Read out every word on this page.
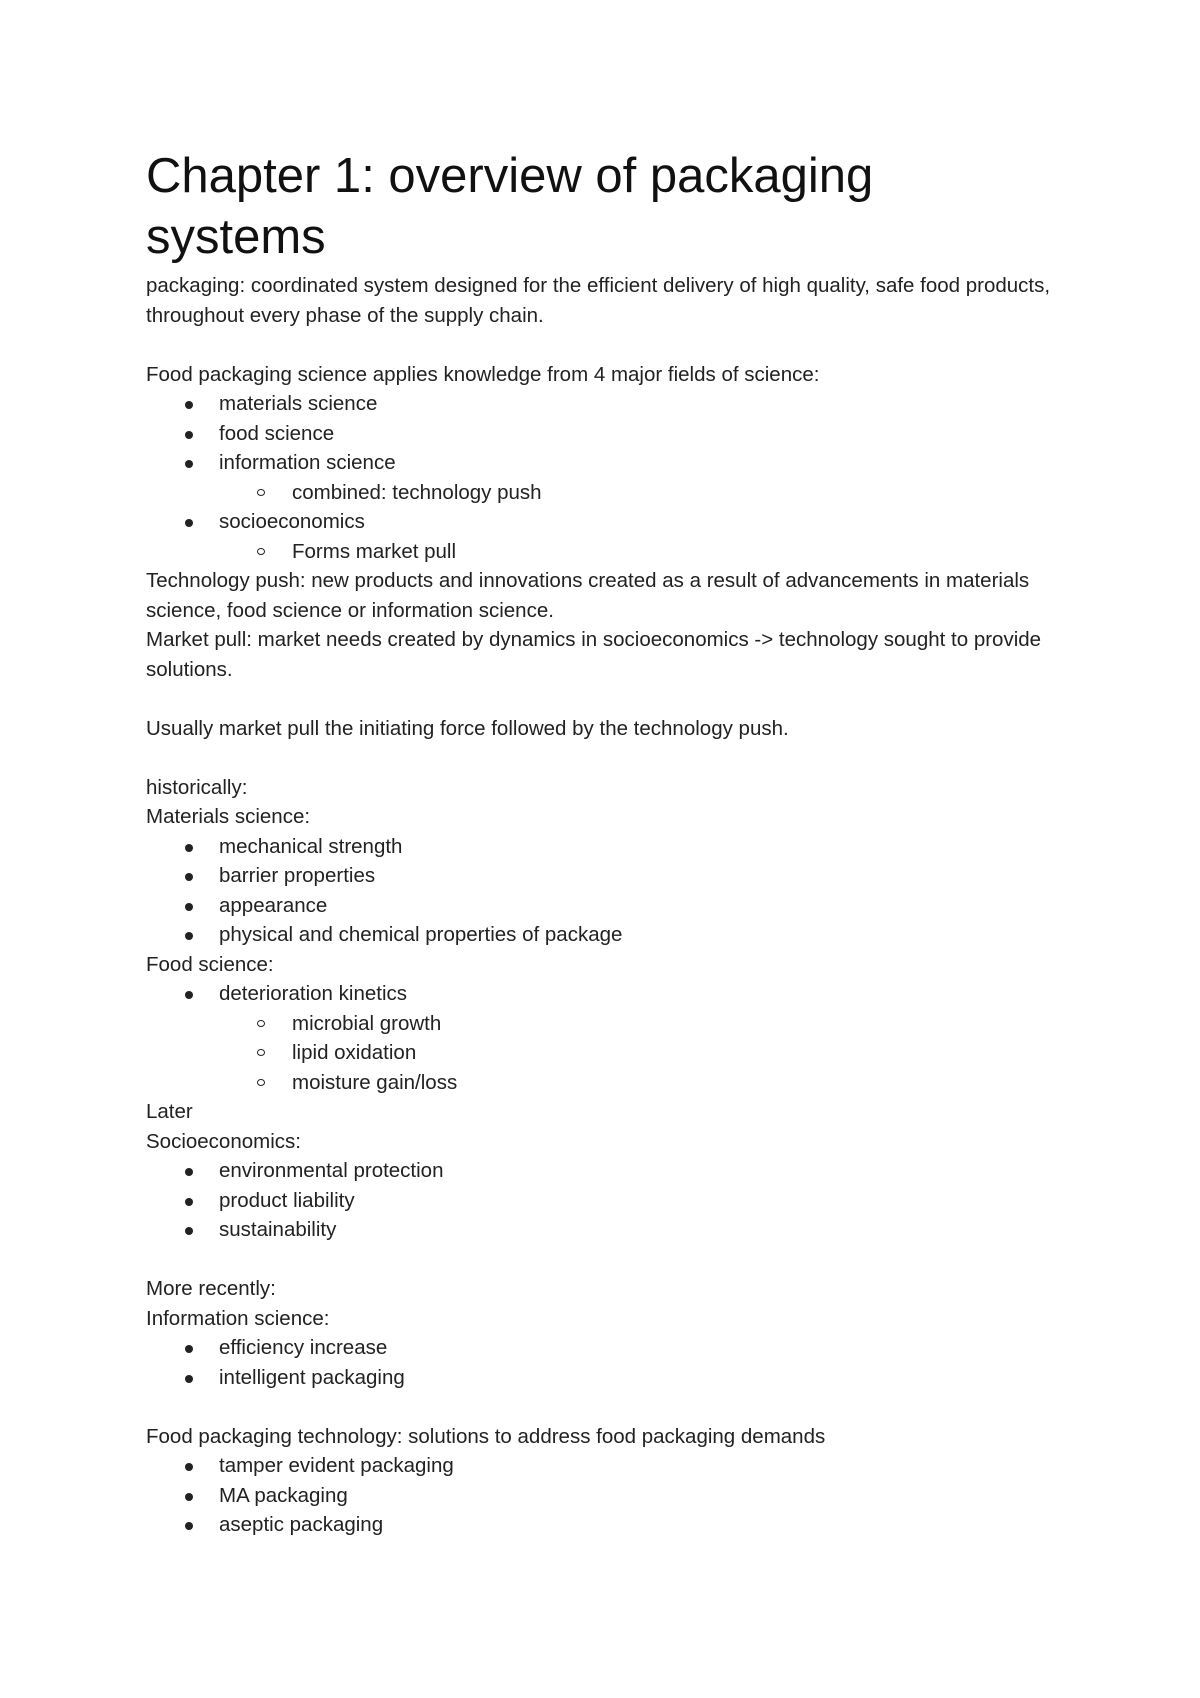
Chapter 1: overview of packaging systems

packaging: coordinated system designed for the efficient delivery of high quality, safe food products, throughout every phase of the supply chain.

Food packaging science applies knowledge from 4 major fields of science:

materials science
food science
information science
combined: technology push
socioeconomics
Forms market pull

Technology push: new products and innovations created as a result of advancements in materials science, food science or information science.

Market pull: market needs created by dynamics in socioeconomics -> technology sought to provide solutions.

Usually market pull the initiating force followed by the technology push.

historically:

Materials science:

mechanical strength
barrier properties
appearance
physical and chemical properties of package

Food science:

deterioration kinetics
microbial growth
lipid oxidation
moisture gain/loss

Later

Socioeconomics:

environmental protection
product liability
sustainability

More recently:

Information science:

efficiency increase
intelligent packaging

Food packaging technology: solutions to address food packaging demands

tamper evident packaging
MA packaging
aseptic packaging
